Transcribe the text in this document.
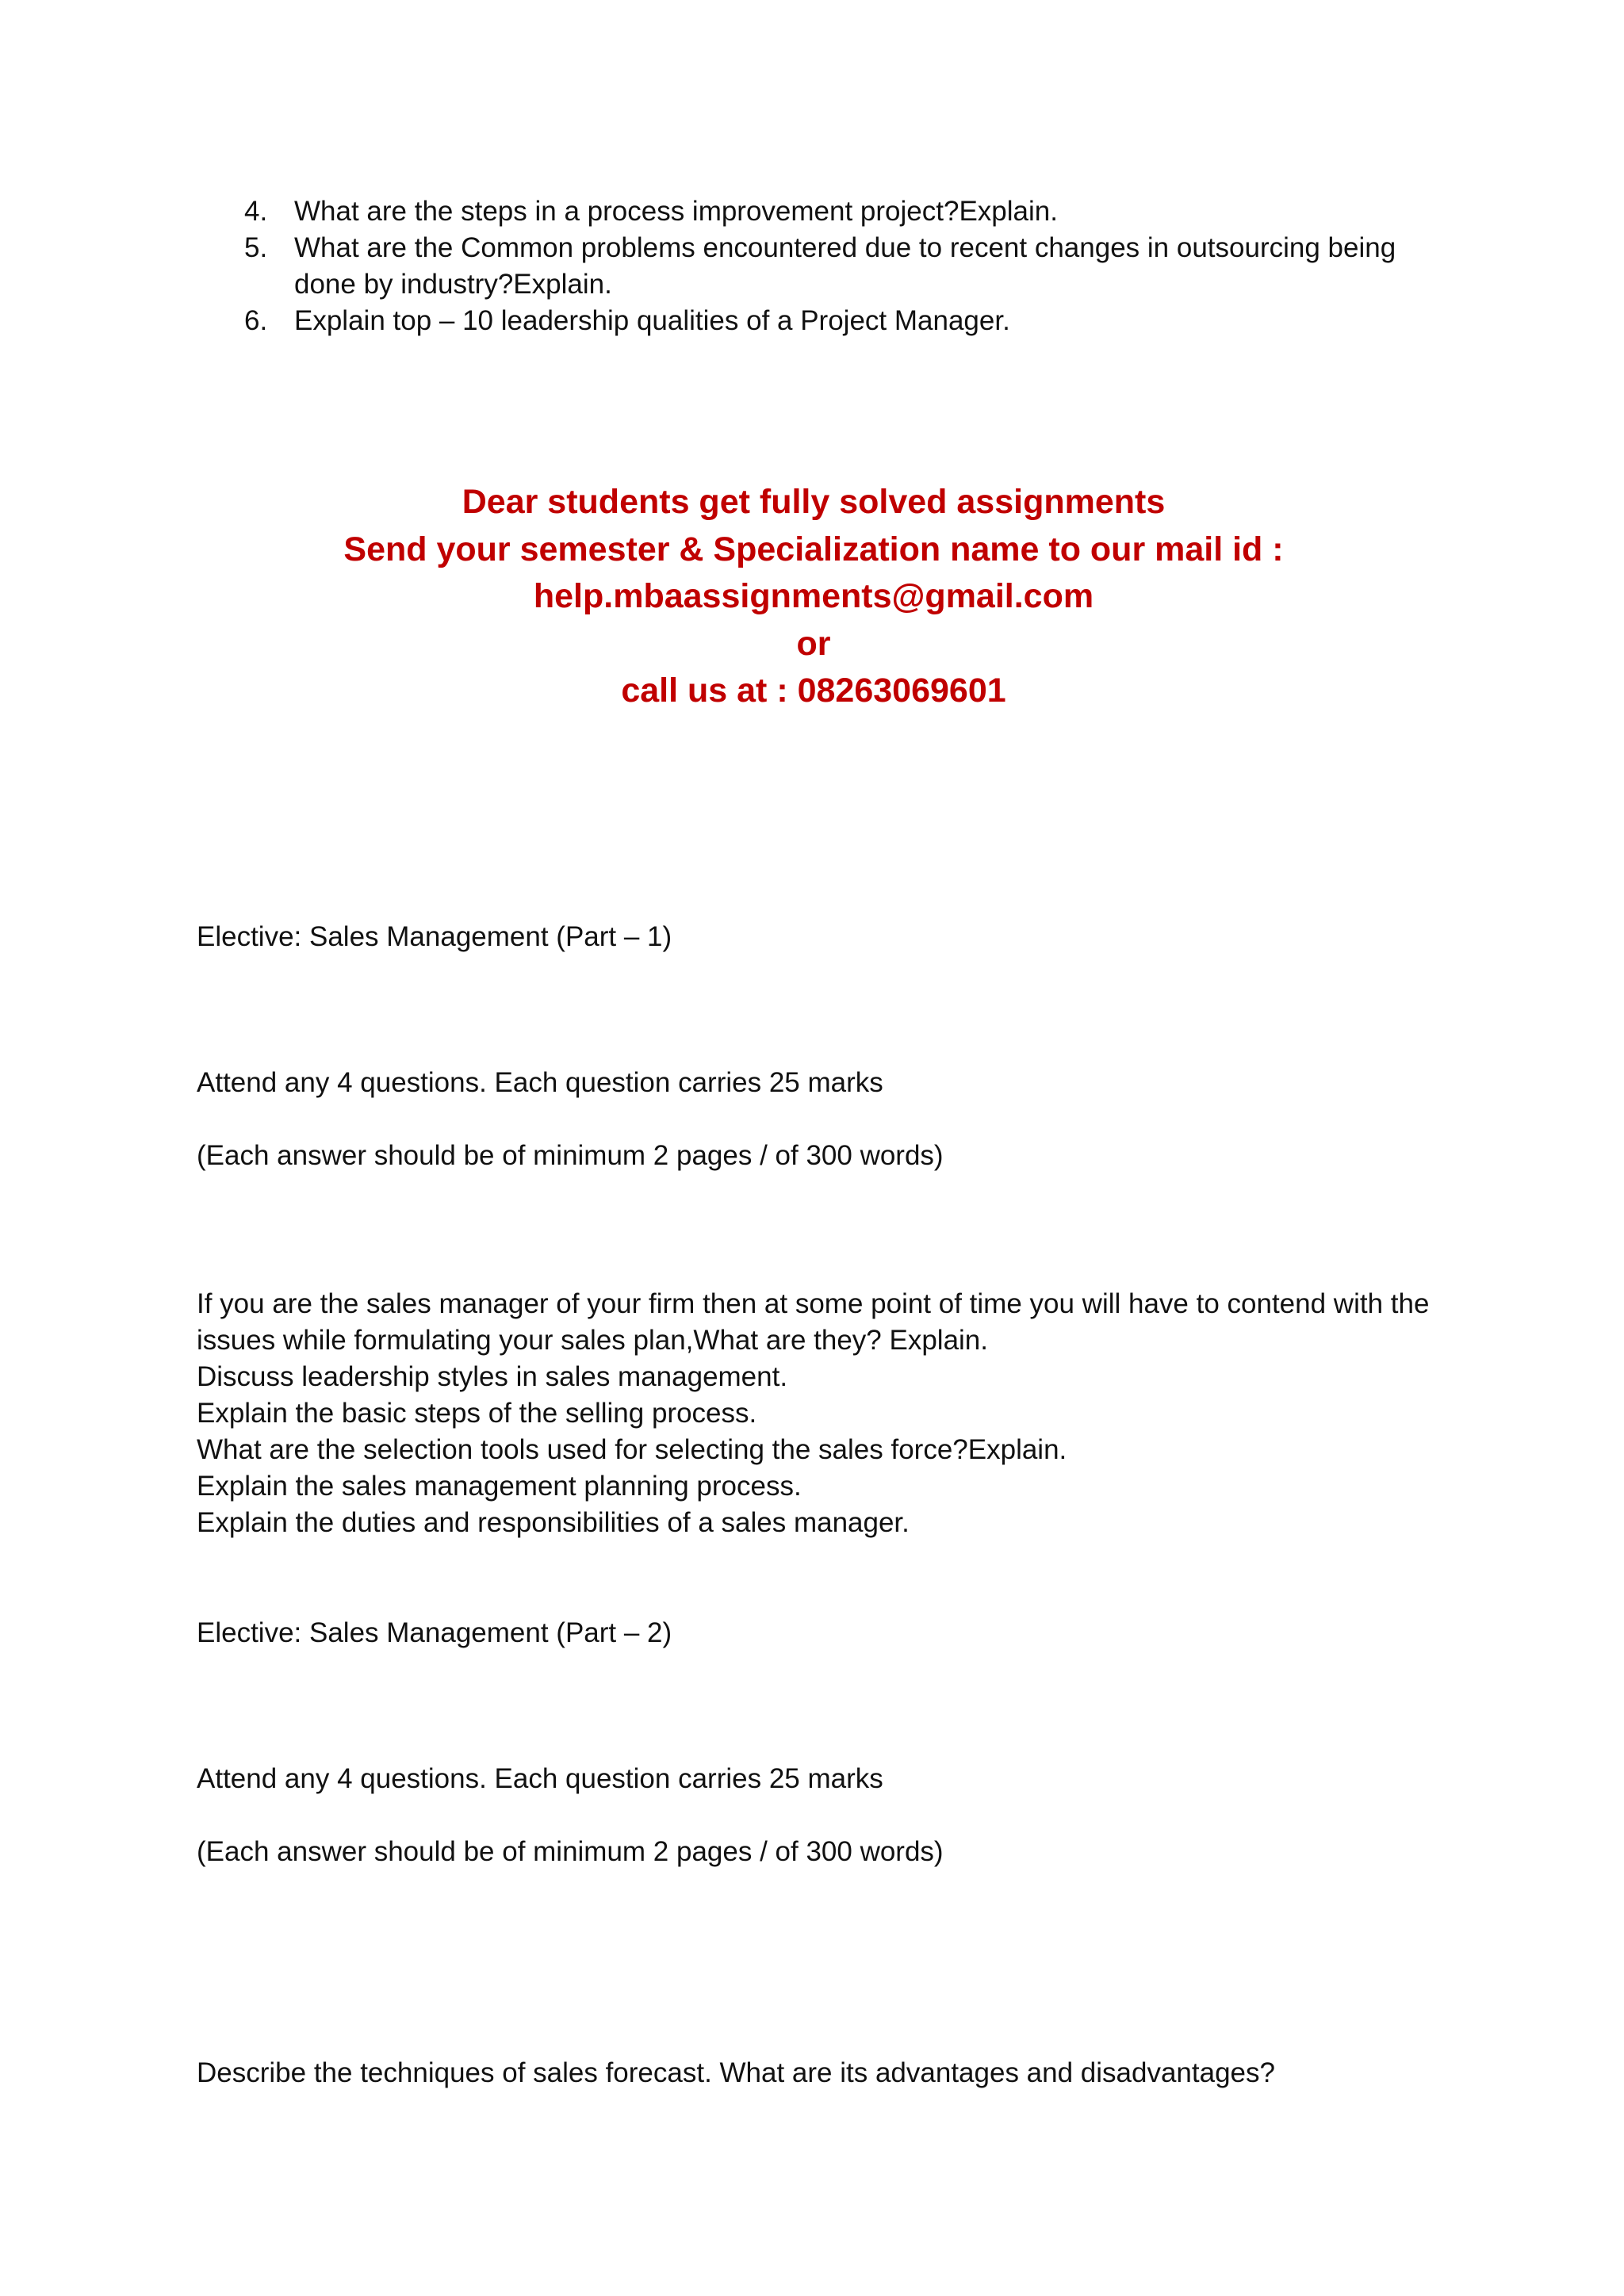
4. What are the steps in a process improvement project?Explain.
5. What are the Common problems encountered due to recent changes in outsourcing being done by industry?Explain.
6. Explain top – 10 leadership qualities of a Project Manager.
Dear students get fully solved assignments
Send your semester & Specialization name to our mail id :
help.mbaassignments@gmail.com
or
call us at : 08263069601
Elective: Sales Management (Part – 1)
Attend any 4 questions. Each question carries 25 marks
(Each answer should be of minimum 2 pages / of 300 words)
If you are the sales manager of your firm then at some point of time you will have to contend with the issues while formulating your sales plan,What are they? Explain.
Discuss leadership styles in sales management.
Explain the basic steps of the selling process.
What are the selection tools used for selecting the sales force?Explain.
Explain the sales management planning process.
Explain the duties and responsibilities of a sales manager.
Elective: Sales Management (Part – 2)
Attend any 4 questions. Each question carries 25 marks
(Each answer should be of minimum 2 pages / of 300 words)
Describe the techniques of sales forecast. What are its advantages and disadvantages?
